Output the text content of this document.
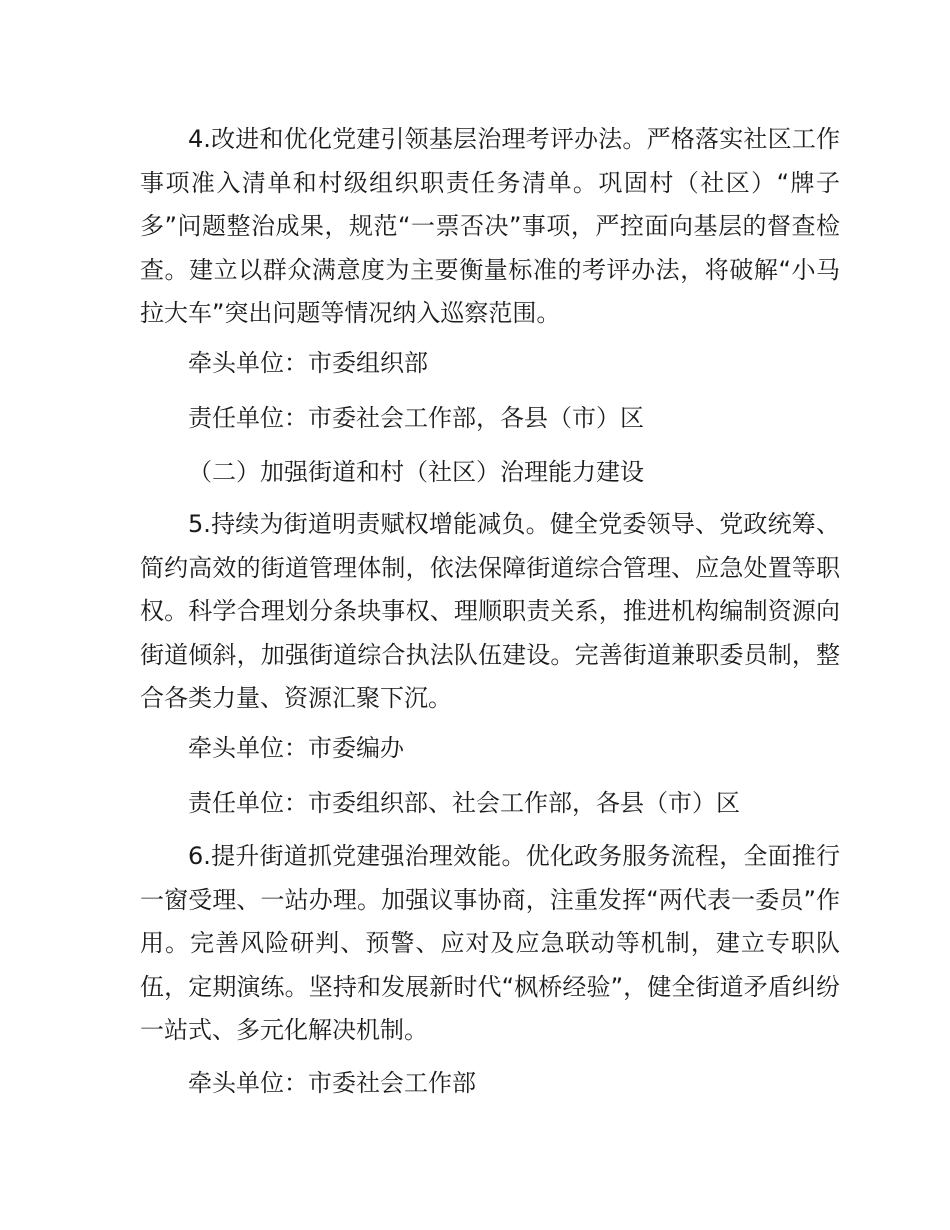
4.改进和优化党建引领基层治理考评办法。严格落实社区工作事项准入清单和村级组织职责任务清单。巩固村（社区）“牌子多”问题整治成果，规范“一票否决”事项，严控面向基层的督查检查。建立以群众满意度为主要衡量标准的考评办法，将破解“小马拉大车”突出问题等情况纳入巡察范围。

牵头单位：市委组织部

责任单位：市委社会工作部，各县（市）区

（二）加强街道和村（社区）治理能力建设

5.持续为街道明责赋权增能减负。健全党委领导、党政统筹、简约高效的街道管理体制，依法保障街道综合管理、应急处置等职权。科学合理划分条块事权、理顺职责关系，推进机构编制资源向街道倾斜，加强街道综合执法队伍建设。完善街道兼职委员制，整合各类力量、资源汇聚下沉。

牵头单位：市委编办

责任单位：市委组织部、社会工作部，各县（市）区

6.提升街道抓党建强治理效能。优化政务服务流程，全面推行一窗受理、一站办理。加强议事协商，注重发挥“两代表一委员”作用。完善风险研判、预警、应对及应急联动等机制，建立专职队伍，定期演练。坚持和发展新时代“枫桥经验”，健全街道矛盾纠纷一站式、多元化解决机制。

牵头单位：市委社会工作部
